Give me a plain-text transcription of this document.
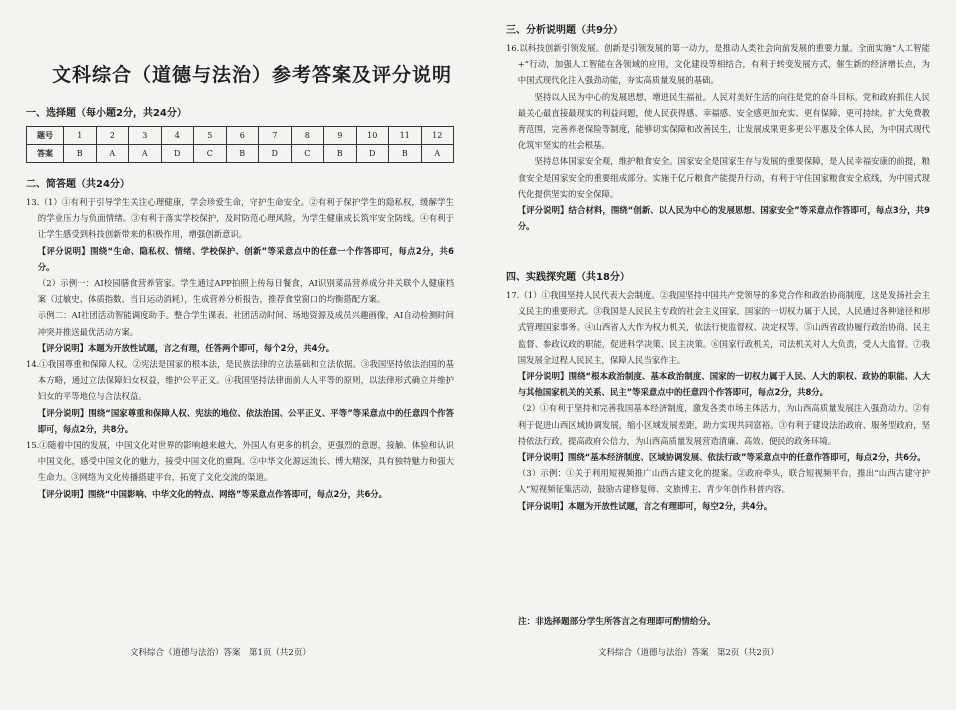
文科综合（道德与法治）参考答案及评分说明
一、选择题（每小题2分，共24分）
题号	1	2	3	4	5	6	7	8	9	10	11	12
答案	B	A	A	D	C	B	D	C	B	D	B	A
二、简答题（共24分）

13.（1）①有利于引导学生关注心理健康，学会珍爱生命，守护生命安全。②有利于保护学生的隐私权，缓解学生的学业压力与负面情绪。③有利于落实学校保护，及时防范心理风险，为学生健康成长筑牢安全防线。④有利于让学生感受到科技创新带来的积极作用，增强创新意识。

【评分说明】围绕“生命、隐私权、情绪、学校保护、创新”等采意点中的任意一个作答即可，每点2分，共6分。

（2）示例一：AI校园膳食营养管家。学生通过APP拍照上传每日餐食，AI识别菜品营养成分并关联个人健康档案（过敏史、体质指数、当日运动消耗），生成营养分析报告，推荐食堂窗口的均衡搭配方案。

示例二：AI社团活动智能调度助手。整合学生课表、社团活动时间、场地资源及成员兴趣画像，AI自动检测时间冲突并推送最优活动方案。

【评分说明】本题为开放性试题，言之有理，任答两个即可，每个2分，共4分。

14.①我国尊重和保障人权。②宪法是国家的根本法，是民族法律的立法基础和立法依据。③我国坚持依法治国的基本方略，通过立法保障妇女权益，维护公平正义。④我国坚持法律面前人人平等的原则，以法律形式确立并维护妇女的平等地位与合法权益。

【评分说明】围绕“国家尊重和保障人权、宪法的地位、依法治国、公平正义、平等”等采意点中的任意四个作答即可，每点2分，共8分。

15.①随着中国的发展，中国文化对世界的影响越来越大，外国人有更多的机会，更强烈的意愿，接触、体验和认识中国文化，感受中国文化的魅力，接受中国文化的熏陶。②中华文化源远流长、博大精深，具有独特魅力和强大生命力。③网络为文化传播搭建平台，拓宽了文化交流的渠道。

【评分说明】围绕“中国影响、中华文化的特点、网络”等采意点作答即可，每点2分，共6分。

文科综合（道德与法治）答案　第1页（共2页）
三、分析说明题（共9分）

16.以科技创新引领发展。创新是引领发展的第一动力，是推动人类社会向前发展的重要力量。全面实施“人工智能+”行动，加强人工智能在各领域的应用，文化建设等相结合，有利于转变发展方式，催生新的经济增长点，为中国式现代化注入强劲动能，夯实高质量发展的基础。

坚持以人民为中心的发展思想，增进民生福祉。人民对美好生活的向往是党的奋斗目标。党和政府抓住人民最关心最直接最现实的利益问题，使人民获得感、幸福感、安全感更加充实、更有保障、更可持续。扩大免费教育范围，完善养老保险等制度，能够切实保障和改善民生，让发展成果更多更公平惠及全体人民，为中国式现代化筑牢坚实的社会根基。

坚持总体国家安全观，维护粮食安全。国家安全是国家生存与发展的重要保障，是人民幸福安康的前提，粮食安全是国家安全的重要组成部分。实施千亿斤粮食产能提升行动，有利于守住国家粮食安全底线，为中国式现代化提供坚实的安全保障。

【评分说明】结合材料，围绕“创新、以人民为中心的发展思想、国家安全”等采意点作答即可，每点3分，共9分。

四、实践探究题（共18分）

17.（1）①我国坚持人民代表大会制度。②我国坚持中国共产党领导的多党合作和政治协商制度，这是发扬社会主义民主的重要形式。③我国是人民民主专政的社会主义国家，国家的一切权力属于人民，人民通过各种途径和形式管理国家事务。④山西省人大作为权力机关，依法行使监督权、决定权等。⑤山西省政协履行政治协商、民主监督、参政议政的职能，促进科学决策、民主决策。⑥国家行政机关，司法机关对人大负责，受人大监督。⑦我国发展全过程人民民主，保障人民当家作主。

【评分说明】围绕“根本政治制度、基本政治制度、国家的一切权力属于人民、人大的职权、政协的职能、人大与其他国家机关的关系、民主”等采意点中的任意四个作答即可，每点2分，共8分。

（2）①有利于坚持和完善我国基本经济制度，激发各类市场主体活力，为山西高质量发展注入强劲动力。②有利于促进山西区域协调发展，缩小区域发展差距，助力实现共同富裕。③有利于建设法治政府、服务型政府，坚持依法行政，提高政府公信力，为山西高质量发展营造清廉、高效、便民的政务环境。

【评分说明】围绕“基本经济制度、区域协调发展、依法行政”等采意点中的任意作答即可，每点2分，共6分。

（3）示例：①关于利用短视频推广山西古建文化的提案。②政府牵头，联合短视频平台，推出“山西古建守护人”短视频征集活动，鼓励古建修复师、文旅博主、青少年创作科普内容。

【评分说明】本题为开放性试题，言之有理即可，每空2分，共4分。

注：非选择题部分学生所答言之有理即可酌情给分。
文科综合（道德与法治）答案　第2页（共2页）
